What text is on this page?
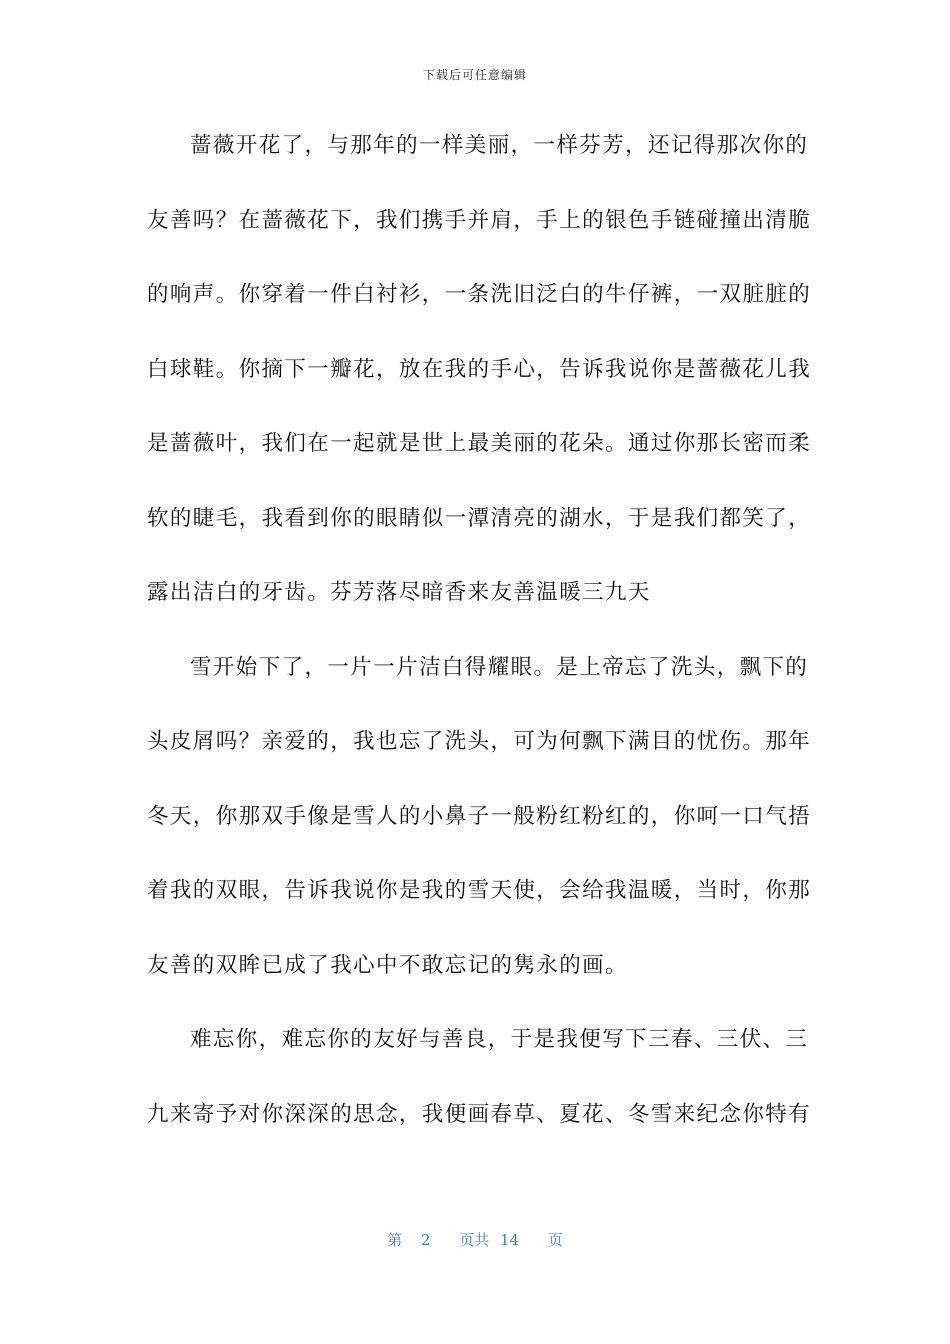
下载后可任意编辑
蔷薇开花了，与那年的一样美丽，一样芬芳，还记得那次你的
友善吗？在蔷薇花下，我们携手并肩，手上的银色手链碰撞出清脆
的响声。你穿着一件白衬衫，一条洗旧泛白的牛仔裤，一双脏脏的
白球鞋。你摘下一瓣花，放在我的手心，告诉我说你是蔷薇花儿我
是蔷薇叶，我们在一起就是世上最美丽的花朵。通过你那长密而柔
软的睫毛，我看到你的眼睛似一潭清亮的湖水，于是我们都笑了，
露出洁白的牙齿。芬芳落尽暗香来友善温暖三九天
雪开始下了，一片一片洁白得耀眼。是上帝忘了洗头，飘下的
头皮屑吗？亲爱的，我也忘了洗头，可为何飘下满目的忧伤。那年
冬天，你那双手像是雪人的小鼻子一般粉红粉红的，你呵一口气捂
着我的双眼，告诉我说你是我的雪天使，会给我温暖，当时，你那
友善的双眸已成了我心中不敢忘记的隽永的画。
难忘你，难忘你的友好与善良，于是我便写下三春、三伏、三
九来寄予对你深深的思念，我便画春草、夏花、冬雪来纪念你特有
第 2 页共 14 页
